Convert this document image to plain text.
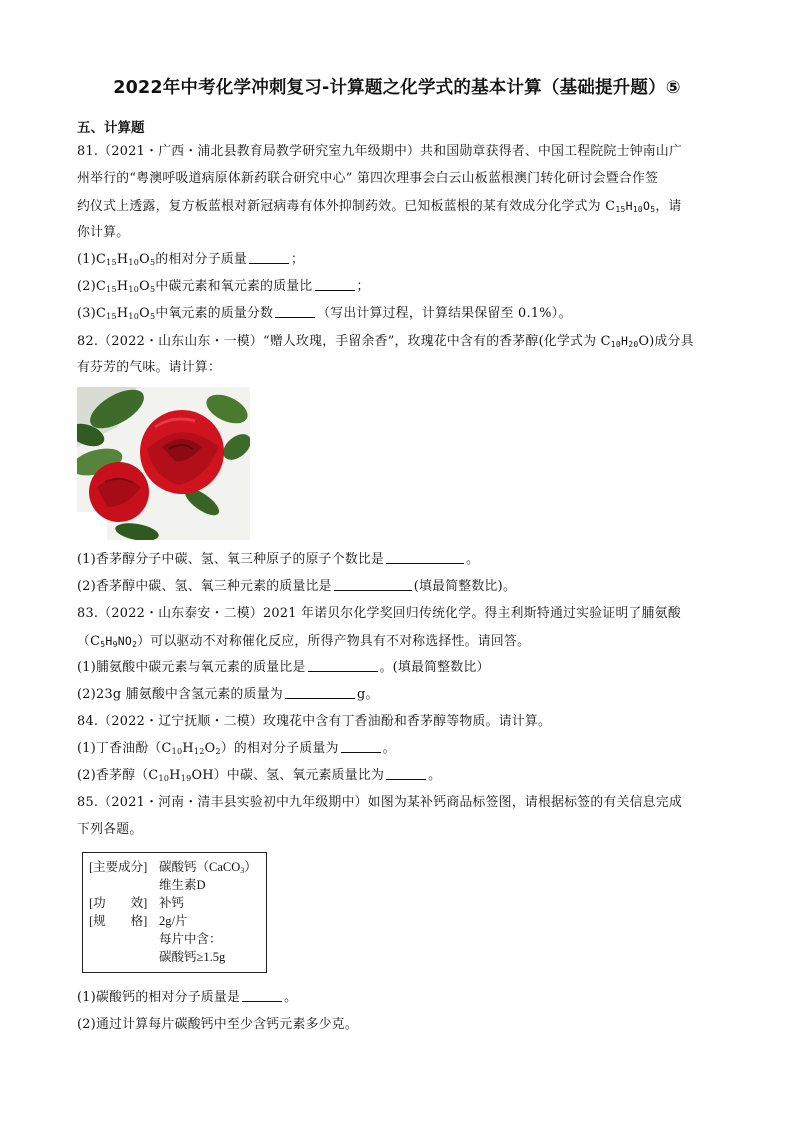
2022年中考化学冲刺复习-计算题之化学式的基本计算（基础提升题）⑤
五、计算题
81.（2021・广西・浦北县教育局教学研究室九年级期中）共和国勋章获得者、中国工程院院士钟南山广
州举行的“粤澳呼吸道病原体新药联合研究中心” 第四次理事会白云山板蓝根澳门转化研讨会暨合作签
约仪式上透露，复方板蓝根对新冠病毒有体外抑制药效。已知板蓝根的某有效成分化学式为 $C_{15}H_{10}O_5$，请
你计算。
$(1)C_{15}H_{10}O_5$的相对分子质量	；
$(2)C_{15}H_{10}O_5$中碳元素和氧元素的质量比	；
$(3)C_{15}H_{10}O_5$中氧元素的质量分数	（写出计算过程，计算结果保留至 0.1%）。
82.（2022・山东山东・一模）“赠人玫瑰，手留余香”，玫瑰花中含有的香茅醇(化学式为 $C_{10}H_{20}O$)成分具
有芬芳的气味。请计算：
(1)香茅醇分子中碳、氢、氧三种原子的原子个数比是	。
(2)香茅醇中碳、氢、氧三种元素的质量比是	(填最简整数比)。
83.（2022・山东泰安・二模）2021 年诺贝尔化学奖回归传统化学。得主利斯特通过实验证明了脯氨酸
$(C_5H_9NO_2)$可以驱动不对称催化反应，所得产物具有不对称选择性。请回答。
(1)脯氨酸中碳元素与氧元素的质量比是	。(填最简整数比）
(2)23g 脯氨酸中含氢元素的质量为	g。
84.（2022・辽宁抚顺・二模）玫瑰花中含有丁香油酚和香茅醇等物质。请计算。
(1)丁香油酚$(C_{10}H_{12}O_2)$的相对分子质量为	。
(2)香茅醇$(C_{10}H_{19}OH)$中碳、氢、氧元素质量比为	。
85.（2021・河南・清丰县实验初中九年级期中）如图为某补钙商品标签图，请根据标签的有关信息完成
下列各题。
[主要成分] 碳酸钙（CaCO$_3$）
维生素D
[功　　效] 补钙
[规　　格] 2g/片
每片中含：
碳酸钙≥1.5g
(1)碳酸钙的相对分子质量是	。
(2)通过计算每片碳酸钙中至少含钙元素多少克。
